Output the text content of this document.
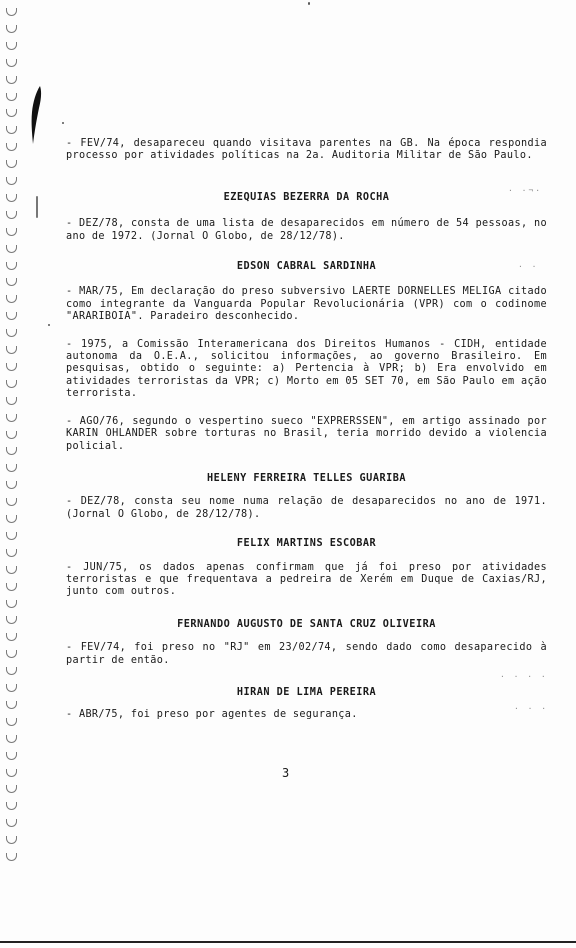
· ·¬·
· ·
· · · ·
· · ·

- FEV/74, desapareceu quando visitava parentes na GB. Na época respondia processo por atividades políticas na 2a. Auditoria Militar de São Paulo.

EZEQUIAS BEZERRA DA ROCHA

- DEZ/78, consta de uma lista de desaparecidos em número de 54 pessoas, no ano de 1972. (Jornal O Globo, de 28/12/78).

EDSON CABRAL SARDINHA

- MAR/75, Em declaração do preso subversivo LAERTE DORNELLES MELIGA citado como integrante da Vanguarda Popular Revolucionária (VPR) com o codinome "ARARIBOIA". Paradeiro desconhecido.

- 1975, a Comissão Interamericana dos Direitos Humanos - CIDH, entidade autonoma da O.E.A., solicitou informações, ao governo Brasileiro. Em pesquisas, obtido o seguinte: a) Pertencia à VPR; b) Era envolvido em atividades terroristas da VPR; c) Morto em 05 SET 70, em São Paulo em ação terrorista.

- AGO/76, segundo o vespertino sueco "EXPRERSSEN", em artigo assinado por KARIN OHLANDER sobre torturas no Brasil, teria morrido devido a violencia policial.

HELENY FERREIRA TELLES GUARIBA

- DEZ/78, consta seu nome numa relação de desaparecidos no ano de 1971. (Jornal O Globo, de 28/12/78).

FELIX MARTINS ESCOBAR

- JUN/75, os dados apenas confirmam que já foi preso por atividades terroristas e que frequentava a pedreira de Xerém em Duque de Caxias/RJ, junto com outros.

FERNANDO AUGUSTO DE SANTA CRUZ OLIVEIRA

- FEV/74, foi preso no "RJ" em 23/02/74, sendo dado como desaparecido à partir de então.

HIRAN DE LIMA PEREIRA

- ABR/75, foi preso por agentes de segurança.

3
